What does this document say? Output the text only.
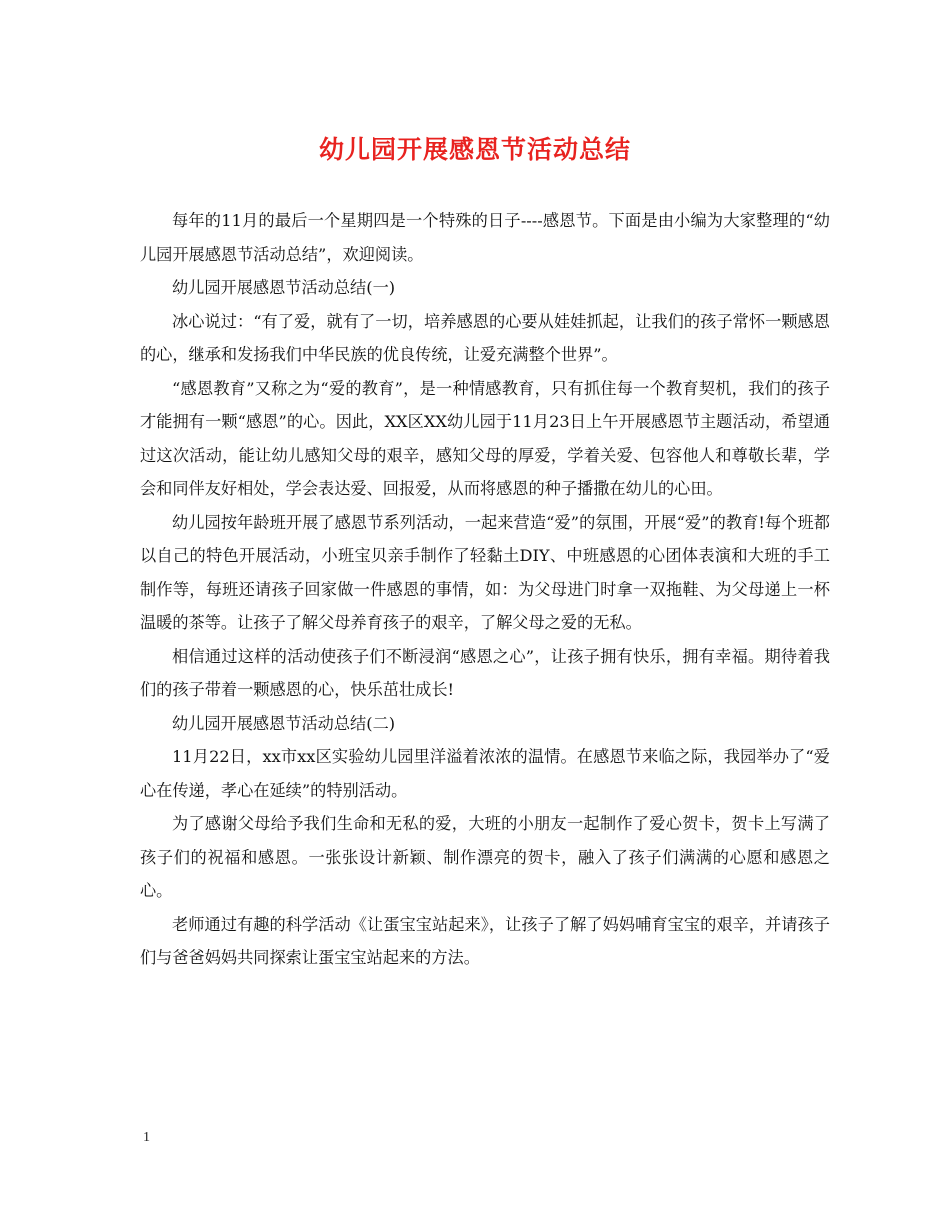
幼儿园开展感恩节活动总结

每年的11月的最后一个星期四是一个特殊的日子----感恩节。下面是由小编为大家整理的“幼儿园开展感恩节活动总结”，欢迎阅读。

幼儿园开展感恩节活动总结(一)

冰心说过：“有了爱，就有了一切，培养感恩的心要从娃娃抓起，让我们的孩子常怀一颗感恩的心，继承和发扬我们中华民族的优良传统，让爱充满整个世界”。

“感恩教育”又称之为“爱的教育”，是一种情感教育，只有抓住每一个教育契机，我们的孩子才能拥有一颗“感恩”的心。因此，XX区XX幼儿园于11月23日上午开展感恩节主题活动，希望通过这次活动，能让幼儿感知父母的艰辛，感知父母的厚爱，学着关爱、包容他人和尊敬长辈，学会和同伴友好相处，学会表达爱、回报爱，从而将感恩的种子播撒在幼儿的心田。

幼儿园按年龄班开展了感恩节系列活动，一起来营造“爱”的氛围，开展“爱”的教育!每个班都以自己的特色开展活动，小班宝贝亲手制作了轻黏土DIY、中班感恩的心团体表演和大班的手工制作等，每班还请孩子回家做一件感恩的事情，如：为父母进门时拿一双拖鞋、为父母递上一杯温暖的茶等。让孩子了解父母养育孩子的艰辛，了解父母之爱的无私。

相信通过这样的活动使孩子们不断浸润“感恩之心”，让孩子拥有快乐，拥有幸福。期待着我们的孩子带着一颗感恩的心，快乐茁壮成长!

幼儿园开展感恩节活动总结(二)

11月22日，xx市xx区实验幼儿园里洋溢着浓浓的温情。在感恩节来临之际，我园举办了“爱心在传递，孝心在延续”的特别活动。

为了感谢父母给予我们生命和无私的爱，大班的小朋友一起制作了爱心贺卡，贺卡上写满了孩子们的祝福和感恩。一张张设计新颖、制作漂亮的贺卡，融入了孩子们满满的心愿和感恩之心。

老师通过有趣的科学活动《让蛋宝宝站起来》，让孩子了解了妈妈哺育宝宝的艰辛，并请孩子们与爸爸妈妈共同探索让蛋宝宝站起来的方法。

1
